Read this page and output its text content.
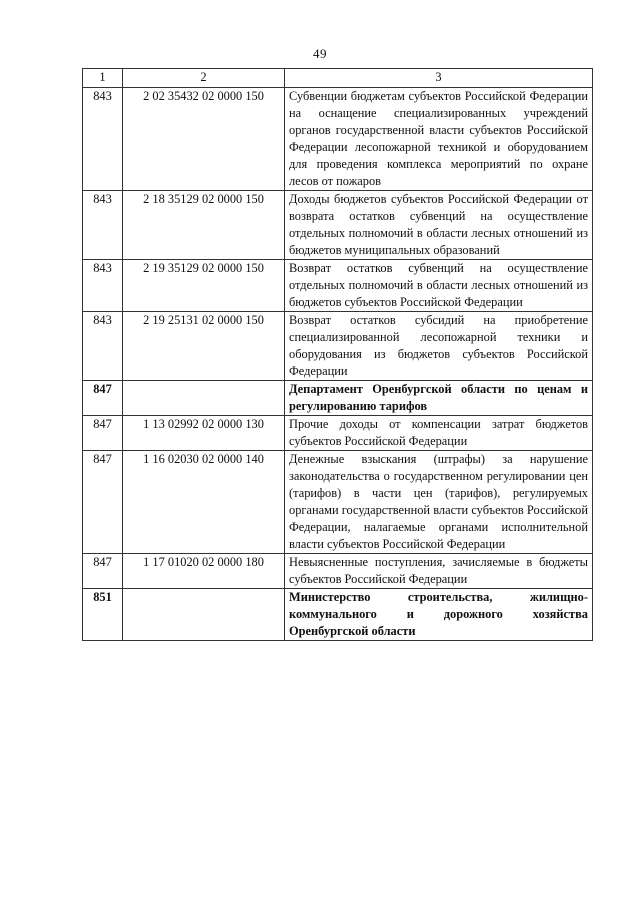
49
1	2	3
843	2 02 35432 02 0000 150	Субвенции бюджетам субъектов Российской Федерации на оснащение специализированных учреждений органов государственной власти субъектов Российской Федерации лесопожарной техникой и оборудованием для проведения комплекса мероприятий по охране лесов от пожаров
843	2 18 35129 02 0000 150	Доходы бюджетов субъектов Российской Федерации от возврата остатков субвенций на осуществление отдельных полномочий в области лесных отношений из бюджетов муниципальных образований
843	2 19 35129 02 0000 150	Возврат остатков субвенций на осуществление отдельных полномочий в области лесных отношений из бюджетов субъектов Российской Федерации
843	2 19 25131 02 0000 150	Возврат остатков субсидий на приобретение специализированной лесопожарной техники и оборудования из бюджетов субъектов Российской Федерации
847		Департамент Оренбургской области по ценам и регулированию тарифов
847	1 13 02992 02 0000 130	Прочие доходы от компенсации затрат бюджетов субъектов Российской Федерации
847	1 16 02030 02 0000 140	Денежные взыскания (штрафы) за нарушение законодательства о государственном регулировании цен (тарифов) в части цен (тарифов), регулируемых органами государственной власти субъектов Российской Федерации, налагаемые органами исполнительной власти субъектов Российской Федерации
847	1 17 01020 02 0000 180	Невыясненные поступления, зачисляемые в бюджеты субъектов Российской Федерации
851		Министерство строительства, жилищно-коммунального и дорожного хозяйства Оренбургской области
